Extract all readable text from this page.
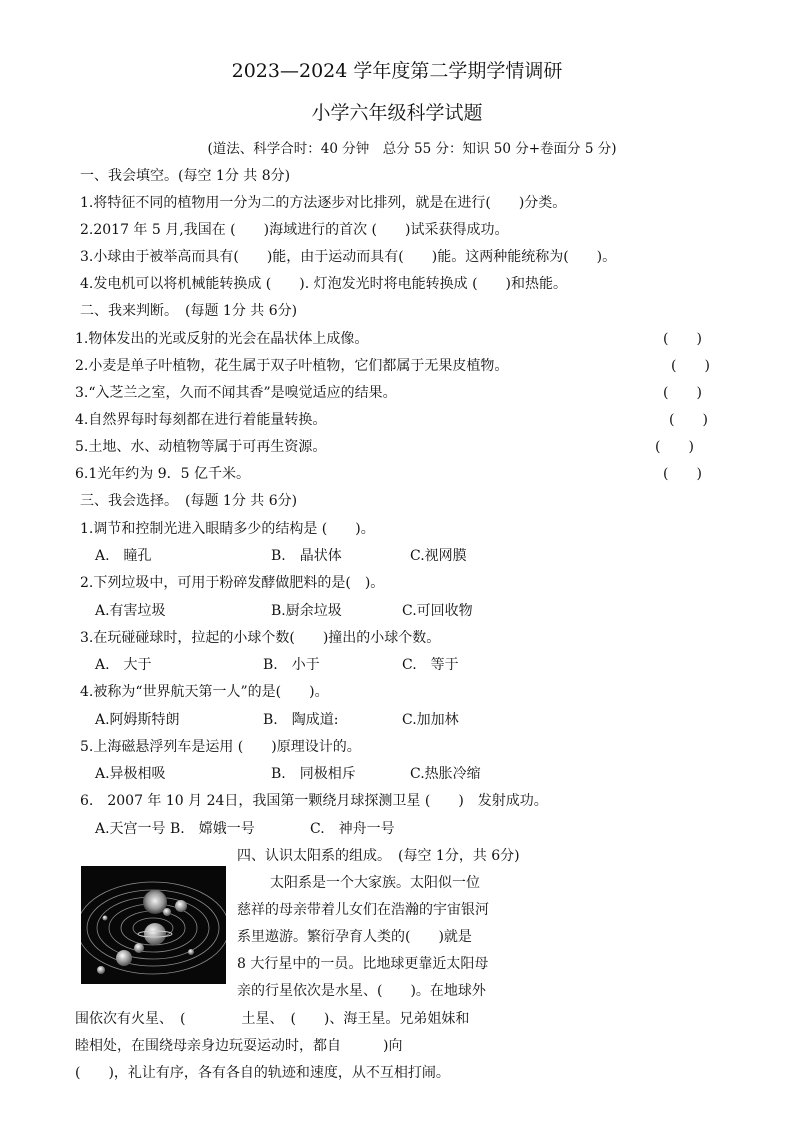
2023—2024 学年度第二学期学情调研
小学六年级科学试题
(道法、科学合时：40 分钟　总分 55 分：知识 50 分+卷面分 5 分)
一、我会填空。(每空 1分 共 8分)
1.将特征不同的植物用一分为二的方法逐步对比排列，就是在进行(　　)分类。
2.2017 年 5 月,我国在 (　　)海域进行的首次 (　　)试采获得成功。
3.小球由于被举高而具有(　　)能，由于运动而具有(　　)能。这两种能统称为(　　)。
4.发电机可以将机械能转换成 (　　). 灯泡发光时将电能转换成 (　　)和热能。
二、我来判断。　(每题 1分 共 6分)
1.物体发出的光或反射的光会在晶状体上成像。	(　　)
2.小麦是单子叶植物，花生属于双子叶植物，它们都属于无果皮植物。	(　　)
3.“入芝兰之室，久而不闻其香”是嗅觉适应的结果。	(　　)
4.自然界每时每刻都在进行着能量转换。	(　　)
5.土地、水、动植物等属于可再生资源。	(　　)
6.1光年约为 9．5 亿千米。	(　　)
三、我会选择。　(每题 1分 共 6分)
1.调节和控制光进入眼睛多少的结构是 (　　)。
A.　瞳孔	B.　晶状体	C.视网膜
2.下列垃圾中，可用于粉碎发酵做肥料的是(　)。
A.有害垃圾	B.厨余垃圾	C.可回收物
3.在玩碰碰球时，拉起的小球个数(　　)撞出的小球个数。
A.　大于	B.　小于	C.　等于
4.被称为“世界航天第一人”的是(　　)。
A.阿姆斯特朗	B.　陶成道:	C.加加林
5.上海磁悬浮列车是运用 (　　)原理设计的。
A.异极相吸	B.　同极相斥	C.热胀冷缩
6.　2007 年 10 月 24日，我国第一颗绕月球探测卫星 (　　)　发射成功。
A.天宫一号 B.　嫦娥一号	C.　神舟一号
四、认识太阳系的组成。　(每空 1分，共 6分)
太阳系是一个大家族。太阳似一位
慈祥的母亲带着儿女们在浩瀚的宇宙银河
系里遨游。繁衍孕育人类的(　　)就是
8 大行星中的一员。比地球更靠近太阳母
亲的行星依次是水星、(　　)。在地球外
围依次有火星、　(　　　　土星、　(　　)、海王星。兄弟姐妹和
睦相处，在围绕母亲身边玩耍运动时，都自　　　)向
(　　)，礼让有序，各有各自的轨迹和速度，从不互相打闹。
